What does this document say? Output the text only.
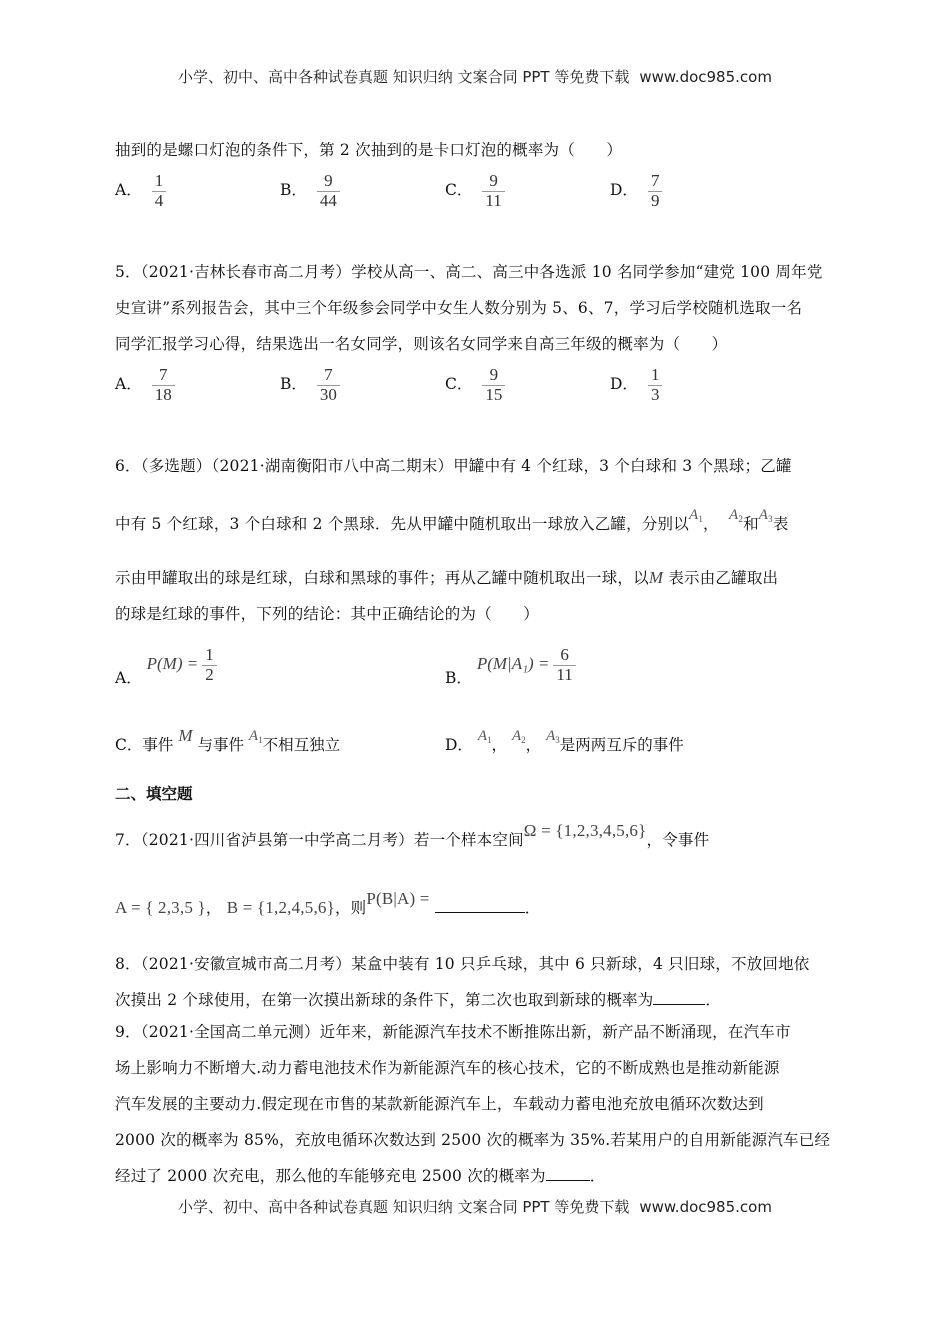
小学、初中、高中各种试卷真题 知识归纳 文案合同 PPT 等免费下载 www.doc985.com
抽到的是螺口灯泡的条件下，第 2 次抽到的是卡口灯泡的概率为（　　）
A． $\frac{1}{4}$	B． $\frac{9}{44}$	C． $\frac{9}{11}$	D． $\frac{7}{9}$
5．（2021·吉林长春市高二月考）学校从高一、高二、高三中各选派 10 名同学参加“建党 100 周年党
史宣讲”系列报告会，其中三个年级参会同学中女生人数分别为 5、6、7，学习后学校随机选取一名
同学汇报学习心得，结果选出一名女同学，则该名女同学来自高三年级的概率为（　　）
A． $\frac{7}{18}$	B． $\frac{7}{30}$	C． $\frac{9}{15}$	D． $\frac{1}{3}$
6．（多选题）（2021·湖南衡阳市八中高二期末）甲罐中有 4 个红球，3 个白球和 3 个黑球；乙罐
中有 5 个红球，3 个白球和 2 个黑球．先从甲罐中随机取出一球放入乙罐，分别以$A_1$， $A_2$和$A_3$表
示由甲罐取出的球是红球，白球和黑球的事件；再从乙罐中随机取出一球，以M 表示由乙罐取出
的球是红球的事件，下列的结论：其中正确结论的为（　　）
A． $P(M) = \frac{1}{2}$	B． $P(M|A_1) = \frac{6}{11}$
C．事件 M 与事件 $A_1$不相互独立	D． $A_1$， $A_2$， $A_3$是两两互斥的事件
二、填空题
7．（2021·四川省泸县第一中学高二月考）若一个样本空间Ω = {1,2,3,4,5,6}，令事件
A = { 2,3,5 }， B = {1,2,4,5,6}，则P(B|A) =	．
8．（2021·安徽宣城市高二月考）某盒中装有 10 只乒乓球，其中 6 只新球，4 只旧球，不放回地依
次摸出 2 个球使用，在第一次摸出新球的条件下，第二次也取到新球的概率为	．
9．（2021·全国高二单元测）近年来，新能源汽车技术不断推陈出新，新产品不断涌现，在汽车市
场上影响力不断增大.动力蓄电池技术作为新能源汽车的核心技术，它的不断成熟也是推动新能源
汽车发展的主要动力.假定现在市售的某款新能源汽车上，车载动力蓄电池充放电循环次数达到
2000 次的概率为 85%，充放电循环次数达到 2500 次的概率为 35%.若某用户的自用新能源汽车已经
经过了 2000 次充电，那么他的车能够充电 2500 次的概率为	．
小学、初中、高中各种试卷真题 知识归纳 文案合同 PPT 等免费下载 www.doc985.com
